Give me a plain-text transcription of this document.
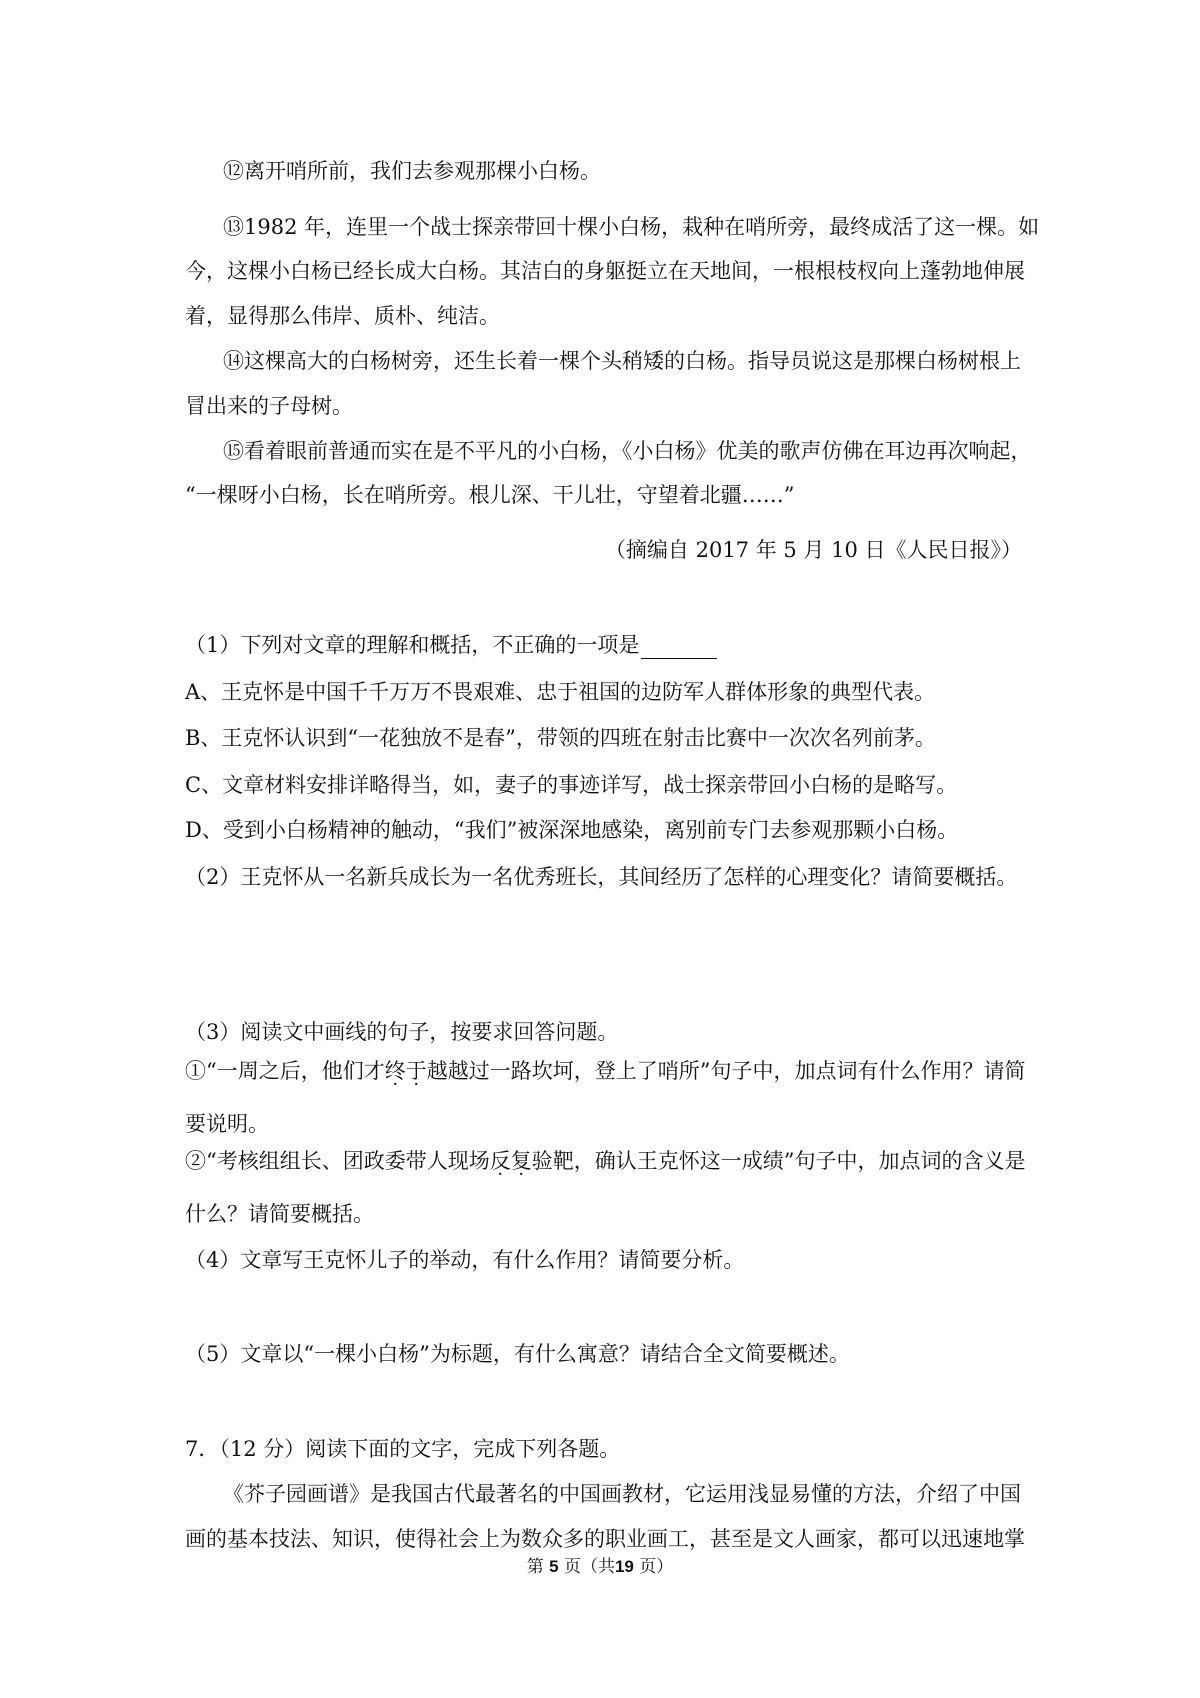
⑫离开哨所前，我们去参观那棵小白杨。
⑬1982 年，连里一个战士探亲带回十棵小白杨，栽种在哨所旁，最终成活了这一棵。如
今，这棵小白杨已经长成大白杨。其洁白的身躯挺立在天地间，一根根枝杈向上蓬勃地伸展
着，显得那么伟岸、质朴、纯洁。
⑭这棵高大的白杨树旁，还生长着一棵个头稍矮的白杨。指导员说这是那棵白杨树根上
冒出来的子母树。
⑮看着眼前普通而实在是不平凡的小白杨，《小白杨》优美的歌声仿佛在耳边再次响起，
“一棵呀小白杨，长在哨所旁。根儿深、干儿壮，守望着北疆……”
（摘编自 2017 年 5 月 10 日《人民日报》）
（1）下列对文章的理解和概括，不正确的一项是
A、王克怀是中国千千万万不畏艰难、忠于祖国的边防军人群体形象的典型代表。
B、王克怀认识到“一花独放不是春”，带领的四班在射击比赛中一次次名列前茅。
C、文章材料安排详略得当，如，妻子的事迹详写，战士探亲带回小白杨的是略写。
D、受到小白杨精神的触动，“我们”被深深地感染，离别前专门去参观那颗小白杨。
（2）王克怀从一名新兵成长为一名优秀班长，其间经历了怎样的心理变化？请简要概括。
（3）阅读文中画线的句子，按要求回答问题。
①“一周之后，他们才终于越越过一路坎坷，登上了哨所”句子中，加点词有什么作用？请简
要说明。
②“考核组组长、团政委带人现场反复验靶，确认王克怀这一成绩”句子中，加点词的含义是
什么？请简要概括。
（4）文章写王克怀儿子的举动，有什么作用？请简要分析。
（5）文章以“一棵小白杨”为标题，有什么寓意？请结合全文简要概述。
7．（12 分）阅读下面的文字，完成下列各题。
《芥子园画谱》是我国古代最著名的中国画教材，它运用浅显易懂的方法，介绍了中国
画的基本技法、知识，使得社会上为数众多的职业画工，甚至是文人画家，都可以迅速地掌
第 5 页（共19 页）
